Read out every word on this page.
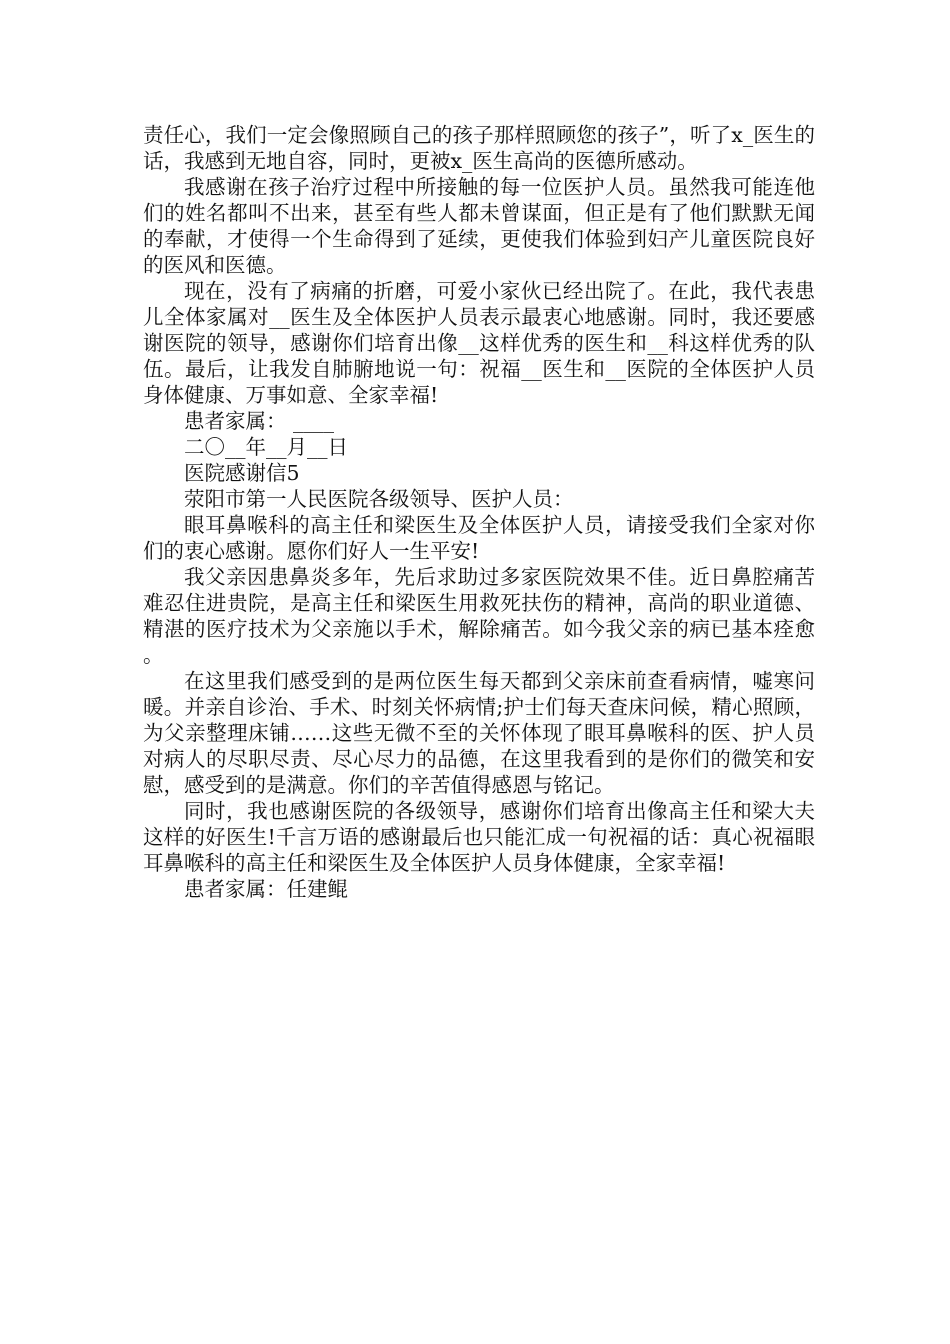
责任心，我们一定会像照顾自己的孩子那样照顾您的孩子”，听了x_医生的话，我感到无地自容，同时，更被x_医生高尚的医德所感动。

我感谢在孩子治疗过程中所接触的每一位医护人员。虽然我可能连他们的姓名都叫不出来，甚至有些人都未曾谋面，但正是有了他们默默无闻的奉献，才使得一个生命得到了延续，更使我们体验到妇产儿童医院良好的医风和医德。

现在，没有了病痛的折磨，可爱小家伙已经出院了。在此，我代表患儿全体家属对__医生及全体医护人员表示最衷心地感谢。同时，我还要感谢医院的领导，感谢你们培育出像__这样优秀的医生和__科这样优秀的队伍。最后，让我发自肺腑地说一句：祝福__医生和__医院的全体医护人员身体健康、万事如意、全家幸福!

患者家属： ____

二〇__年__月__日

医院感谢信5

荥阳市第一人民医院各级领导、医护人员：

眼耳鼻喉科的高主任和梁医生及全体医护人员，请接受我们全家对你们的衷心感谢。愿你们好人一生平安!

我父亲因患鼻炎多年，先后求助过多家医院效果不佳。近日鼻腔痛苦难忍住进贵院，是高主任和梁医生用救死扶伤的精神，高尚的职业道德、精湛的医疗技术为父亲施以手术，解除痛苦。如今我父亲的病已基本痊愈。

在这里我们感受到的是两位医生每天都到父亲床前查看病情，嘘寒问暖。并亲自诊治、手术、时刻关怀病情;护士们每天查床问候，精心照顾，为父亲整理床铺……这些无微不至的关怀体现了眼耳鼻喉科的医、护人员对病人的尽职尽责、尽心尽力的品德，在这里我看到的是你们的微笑和安慰，感受到的是满意。你们的辛苦值得感恩与铭记。

同时，我也感谢医院的各级领导，感谢你们培育出像高主任和梁大夫这样的好医生!千言万语的感谢最后也只能汇成一句祝福的话：真心祝福眼耳鼻喉科的高主任和梁医生及全体医护人员身体健康，全家幸福!

患者家属：任建鲲
